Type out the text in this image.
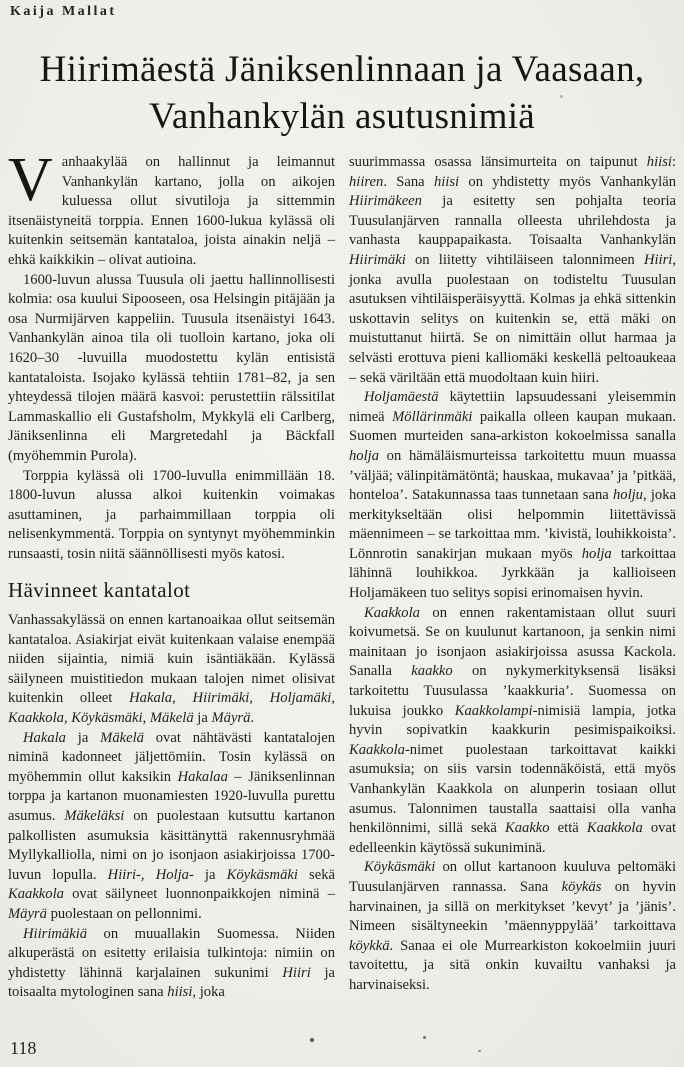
Kaija Mallat
Hiirimäestä Jäniksenlinnaan ja Vaasaan,
Vanhankylän asutusnimiä

Vanhaakylää on hallinnut ja leimannut Vanhankylän kartano, jolla on aikojen kuluessa ollut sivutiloja ja sittemmin itsenäistyneitä torppia. Ennen 1600-lukua kylässä oli kuitenkin seitsemän kantataloa, joista ainakin neljä – ehkä kaikkikin – olivat autioina.

1600-luvun alussa Tuusula oli jaettu hallinnollisesti kolmia: osa kuului Sipooseen, osa Helsingin pitäjään ja osa Nurmijärven kappeliin. Tuusula itsenäistyi 1643. Vanhankylän ainoa tila oli tuolloin kartano, joka oli 1620–30 -luvuilla muodostettu kylän entisistä kantataloista. Isojako kylässä tehtiin 1781–82, ja sen yhteydessä tilojen määrä kasvoi: perustettiin rälssitilat Lammaskallio eli Gustafsholm, Mykkylä eli Carlberg, Jäniksenlinna eli Margretedahl ja Bäckfall (myöhemmin Purola).

Torppia kylässä oli 1700-luvulla enimmillään 18. 1800-luvun alussa alkoi kuitenkin voimakas asuttaminen, ja parhaimmillaan torppia oli nelisenkymmentä. Torppia on syntynyt myöhemminkin runsaasti, tosin niitä säännöllisesti myös katosi.

Hävinneet kantatalot

Vanhassakylässä on ennen kartanoaikaa ollut seitsemän kantataloa. Asiakirjat eivät kuitenkaan valaise enempää niiden sijaintia, nimiä kuin isäntiäkään. Kylässä säilyneen muistitiedon mukaan talojen nimet olisivat kuitenkin olleet Hakala, Hiirimäki, Holjamäki, Kaakkola, Köykäsmäki, Mäkelä ja Mäyrä.

Hakala ja Mäkelä ovat nähtävästi kantatalojen niminä kadonneet jäljettömiin. Tosin kylässä on myöhemmin ollut kaksikin Hakalaa – Jäniksenlinnan torppa ja kartanon muonamiesten 1920-luvulla purettu asumus. Mäkeläksi on puolestaan kutsuttu kartanon palkollisten asumuksia käsittänyttä rakennusryhmää Myllykalliolla, nimi on jo isonjaon asiakirjoissa 1700-luvun lopulla. Hiiri-, Holja- ja Köykäsmäki sekä Kaakkola ovat säilyneet luonnonpaikkojen niminä – Mäyrä puolestaan on pellonnimi.

Hiirimäkiä on muuallakin Suomessa. Niiden alkuperästä on esitetty erilaisia tulkintoja: nimiin on yhdistetty lähinnä karjalainen sukunimi Hiiri ja toisaalta mytologinen sana hiisi, joka

suurimmassa osassa länsimurteita on taipunut hiisi: hiiren. Sana hiisi on yhdistetty myös Vanhankylän Hiirimäkeen ja esitetty sen pohjalta teoria Tuusulanjärven rannalla olleesta uhrilehdosta ja vanhasta kauppapaikasta. Toisaalta Vanhankylän Hiirimäki on liitetty vihtiläiseen talonnimeen Hiiri, jonka avulla puolestaan on todisteltu Tuusulan asutuksen vihtiläisperäisyyttä. Kolmas ja ehkä sittenkin uskottavin selitys on kuitenkin se, että mäki on muistuttanut hiirtä. Se on nimittäin ollut harmaa ja selvästi erottuva pieni kalliomäki keskellä peltoaukeaa – sekä väriltään että muodoltaan kuin hiiri.

Holjamäestä käytettiin lapsuudessani yleisemmin nimeä Möllärinmäki paikalla olleen kaupan mukaan. Suomen murteiden sana-arkiston kokoelmissa sanalla holja on hämäläismurteissa tarkoitettu muun muassa ’väljää; välinpitämätöntä; hauskaa, mukavaa’ ja ’pitkää, honteloa’. Satakunnassa taas tunnetaan sana holju, joka merkitykseltään olisi helpommin liitettävissä mäennimeen – se tarkoittaa mm. ’kivistä, louhikkoista’. Lönnrotin sanakirjan mukaan myös holja tarkoittaa lähinnä louhikkoa. Jyrkkään ja kallioiseen Holjamäkeen tuo selitys sopisi erinomaisen hyvin.

Kaakkola on ennen rakentamistaan ollut suuri koivumetsä. Se on kuulunut kartanoon, ja senkin nimi mainitaan jo isonjaon asiakirjoissa asussa Kackola. Sanalla kaakko on nykymerkityksensä lisäksi tarkoitettu Tuusulassa ’kaakkuria’. Suomessa on lukuisa joukko Kaakkolampi-nimisiä lampia, jotka hyvin sopivatkin kaakkurin pesimispaikoiksi. Kaakkola-nimet puolestaan tarkoittavat kaikki asumuksia; on siis varsin todennäköistä, että myös Vanhankylän Kaakkola on alunperin tosiaan ollut asumus. Talonnimen taustalla saattaisi olla vanha henkilönnimi, sillä sekä Kaakko että Kaakkola ovat edelleenkin käytössä sukuniminä.

Köykäsmäki on ollut kartanoon kuuluva peltomäki Tuusulanjärven rannassa. Sana köykäs on hyvin harvinainen, ja sillä on merkitykset ’kevyt’ ja ’jänis’. Nimeen sisältyneekin ’mäennyppylää’ tarkoittava köykkä. Sanaa ei ole Murrearkiston kokoelmiin juuri tavoitettu, ja sitä onkin kuvailtu vanhaksi ja harvinaiseksi.

118
